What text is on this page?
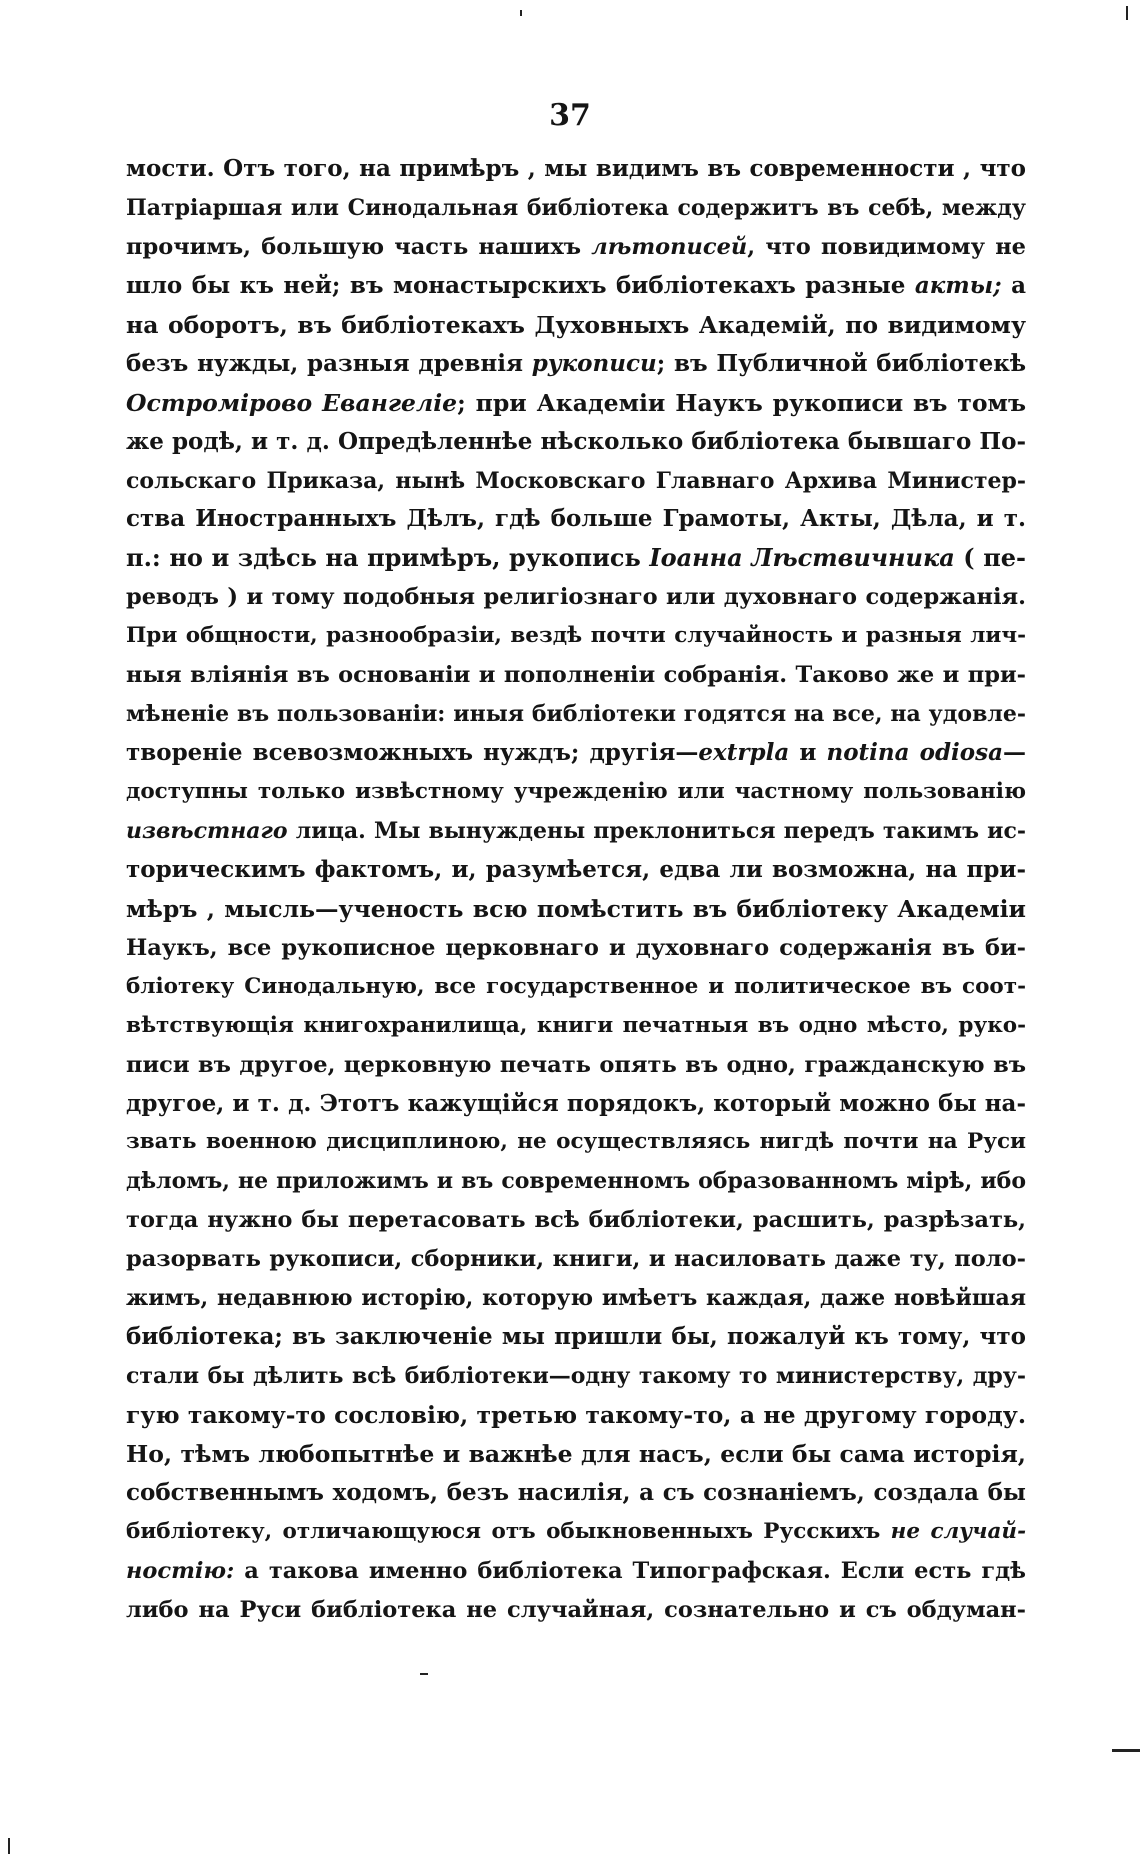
37
мости. Отъ того, на примѣръ , мы видимъ въ современности , что
Патріаршая или Синодальная библіотека содержитъ въ себѣ, между
прочимъ, большую часть нашихъ лѣтописей, что повидимому не
шло бы къ ней; въ монастырскихъ библіотекахъ разные акты; а
на оборотъ, въ библіотекахъ Духовныхъ Академій, по видимому
безъ нужды, разныя древнія рукописи; въ Публичной библіотекѣ
Остромірово Евангеліе; при Академіи Наукъ рукописи въ томъ
же родѣ, и т. д. Опредѣленнѣе нѣсколько библіотека бывшаго По-
сольскаго Приказа, нынѣ Московскаго Главнаго Архива Министер-
ства Иностранныхъ Дѣлъ, гдѣ больше Грамоты, Акты, Дѣла, и т.
п.: но и здѣсь на примѣръ, рукопись Іоанна Лѣствичника ( пе-
реводъ ) и тому подобныя религіознаго или духовнаго содержанія.
При общности, разнообразіи, вездѣ почти случайность и разныя лич-
ныя вліянія въ основаніи и пополненіи собранія. Таково же и при-
мѣненіе въ пользованіи: иныя библіотеки годятся на все, на удовле-
твореніе всевозможныхъ нуждъ; другія—extrpla и notina odiosa—
доступны только извѣстному учрежденію или частному пользованію
извѣстнаго лица. Мы вынуждены преклониться передъ такимъ ис-
торическимъ фактомъ, и, разумѣется, едва ли возможна, на при-
мѣръ , мысль—ученость всю помѣстить въ библіотеку Академіи
Наукъ, все рукописное церковнаго и духовнаго содержанія въ би-
бліотеку Синодальную, все государственное и политическое въ соот-
вѣтствующія книгохранилища, книги печатныя въ одно мѣсто, руко-
писи въ другое, церковную печать опять въ одно, гражданскую въ
другое, и т. д. Этотъ кажущійся порядокъ, который можно бы на-
звать военною дисциплиною, не осуществляясь нигдѣ почти на Руси
дѣломъ, не приложимъ и въ современномъ образованномъ мірѣ, ибо
тогда нужно бы перетасовать всѣ библіотеки, расшить, разрѣзать,
разорвать рукописи, сборники, книги, и насиловать даже ту, поло-
жимъ, недавнюю исторію, которую имѣетъ каждая, даже новѣйшая
библіотека; въ заключеніе мы пришли бы, пожалуй къ тому, что
стали бы дѣлить всѣ библіотеки—одну такому то министерству, дру-
гую такому-то сословію, третью такому-то, а не другому городу.
Но, тѣмъ любопытнѣе и важнѣе для насъ, если бы сама исторія,
собственнымъ ходомъ, безъ насилія, а съ сознаніемъ, создала бы
библіотеку, отличающуюся отъ обыкновенныхъ Русскихъ не случай-
ностію: а такова именно библіотека Типографская. Если есть гдѣ
либо на Руси библіотека не случайная, сознательно и съ обдуман-
